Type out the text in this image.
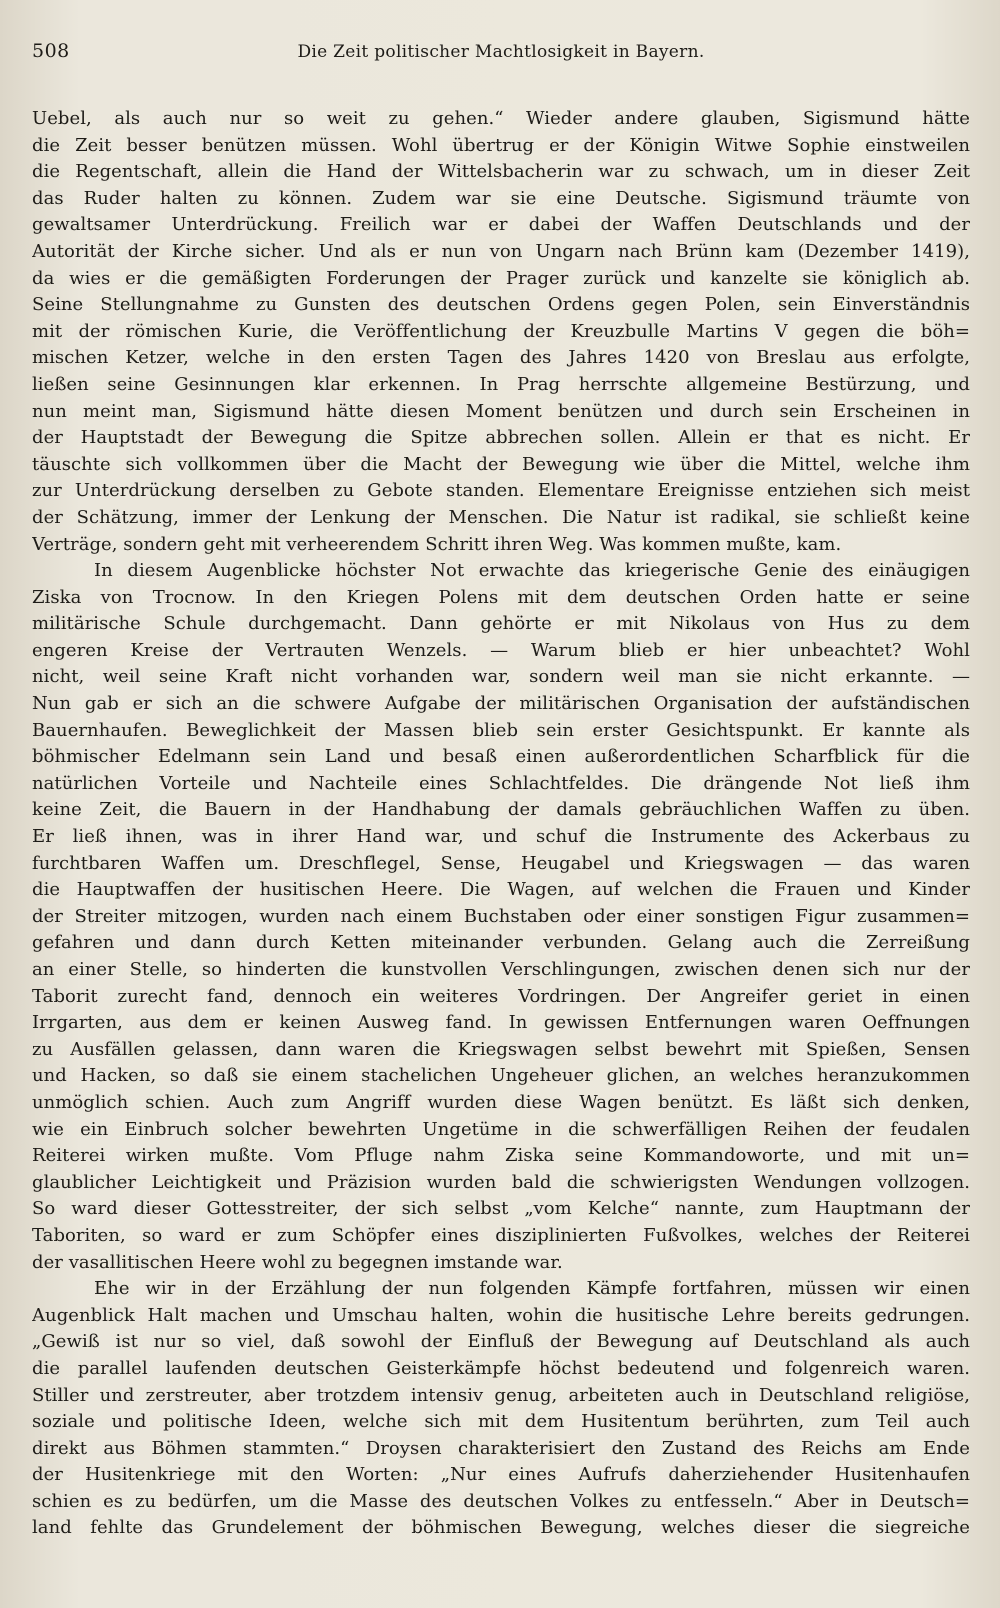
508	Die Zeit politischer Machtlosigkeit in Bayern.
Uebel, als auch nur so weit zu gehen.“ Wieder andere glauben, Sigismund hätte
die Zeit besser benützen müssen. Wohl übertrug er der Königin Witwe Sophie einstweilen
die Regentschaft, allein die Hand der Wittelsbacherin war zu schwach, um in dieser Zeit
das Ruder halten zu können. Zudem war sie eine Deutsche. Sigismund träumte von
gewaltsamer Unterdrückung. Freilich war er dabei der Waffen Deutschlands und der
Autorität der Kirche sicher. Und als er nun von Ungarn nach Brünn kam (Dezember 1419),
da wies er die gemäßigten Forderungen der Prager zurück und kanzelte sie königlich ab.
Seine Stellungnahme zu Gunsten des deutschen Ordens gegen Polen, sein Einverständnis
mit der römischen Kurie, die Veröffentlichung der Kreuzbulle Martins V gegen die böh=
mischen Ketzer, welche in den ersten Tagen des Jahres 1420 von Breslau aus erfolgte,
ließen seine Gesinnungen klar erkennen. In Prag herrschte allgemeine Bestürzung, und
nun meint man, Sigismund hätte diesen Moment benützen und durch sein Erscheinen in
der Hauptstadt der Bewegung die Spitze abbrechen sollen. Allein er that es nicht. Er
täuschte sich vollkommen über die Macht der Bewegung wie über die Mittel, welche ihm
zur Unterdrückung derselben zu Gebote standen. Elementare Ereignisse entziehen sich meist
der Schätzung, immer der Lenkung der Menschen. Die Natur ist radikal, sie schließt keine
Verträge, sondern geht mit verheerendem Schritt ihren Weg. Was kommen mußte, kam.
In diesem Augenblicke höchster Not erwachte das kriegerische Genie des einäugigen
Ziska von Trocnow. In den Kriegen Polens mit dem deutschen Orden hatte er seine
militärische Schule durchgemacht. Dann gehörte er mit Nikolaus von Hus zu dem
engeren Kreise der Vertrauten Wenzels. — Warum blieb er hier unbeachtet? Wohl
nicht, weil seine Kraft nicht vorhanden war, sondern weil man sie nicht erkannte. —
Nun gab er sich an die schwere Aufgabe der militärischen Organisation der aufständischen
Bauernhaufen. Beweglichkeit der Massen blieb sein erster Gesichtspunkt. Er kannte als
böhmischer Edelmann sein Land und besaß einen außerordentlichen Scharfblick für die
natürlichen Vorteile und Nachteile eines Schlachtfeldes. Die drängende Not ließ ihm
keine Zeit, die Bauern in der Handhabung der damals gebräuchlichen Waffen zu üben.
Er ließ ihnen, was in ihrer Hand war, und schuf die Instrumente des Ackerbaus zu
furchtbaren Waffen um. Dreschflegel, Sense, Heugabel und Kriegswagen — das waren
die Hauptwaffen der husitischen Heere. Die Wagen, auf welchen die Frauen und Kinder
der Streiter mitzogen, wurden nach einem Buchstaben oder einer sonstigen Figur zusammen=
gefahren und dann durch Ketten miteinander verbunden. Gelang auch die Zerreißung
an einer Stelle, so hinderten die kunstvollen Verschlingungen, zwischen denen sich nur der
Taborit zurecht fand, dennoch ein weiteres Vordringen. Der Angreifer geriet in einen
Irrgarten, aus dem er keinen Ausweg fand. In gewissen Entfernungen waren Oeffnungen
zu Ausfällen gelassen, dann waren die Kriegswagen selbst bewehrt mit Spießen, Sensen
und Hacken, so daß sie einem stachelichen Ungeheuer glichen, an welches heranzukommen
unmöglich schien. Auch zum Angriff wurden diese Wagen benützt. Es läßt sich denken,
wie ein Einbruch solcher bewehrten Ungetüme in die schwerfälligen Reihen der feudalen
Reiterei wirken mußte. Vom Pfluge nahm Ziska seine Kommandoworte, und mit un=
glaublicher Leichtigkeit und Präzision wurden bald die schwierigsten Wendungen vollzogen.
So ward dieser Gottesstreiter, der sich selbst „vom Kelche“ nannte, zum Hauptmann der
Taboriten, so ward er zum Schöpfer eines disziplinierten Fußvolkes, welches der Reiterei
der vasallitischen Heere wohl zu begegnen imstande war.
Ehe wir in der Erzählung der nun folgenden Kämpfe fortfahren, müssen wir einen
Augenblick Halt machen und Umschau halten, wohin die husitische Lehre bereits gedrungen.
„Gewiß ist nur so viel, daß sowohl der Einfluß der Bewegung auf Deutschland als auch
die parallel laufenden deutschen Geisterkämpfe höchst bedeutend und folgenreich waren.
Stiller und zerstreuter, aber trotzdem intensiv genug, arbeiteten auch in Deutschland religiöse,
soziale und politische Ideen, welche sich mit dem Husitentum berührten, zum Teil auch
direkt aus Böhmen stammten.“ Droysen charakterisiert den Zustand des Reichs am Ende
der Husitenkriege mit den Worten: „Nur eines Aufrufs daherziehender Husitenhaufen
schien es zu bedürfen, um die Masse des deutschen Volkes zu entfesseln.“ Aber in Deutsch=
land fehlte das Grundelement der böhmischen Bewegung, welches dieser die siegreiche
